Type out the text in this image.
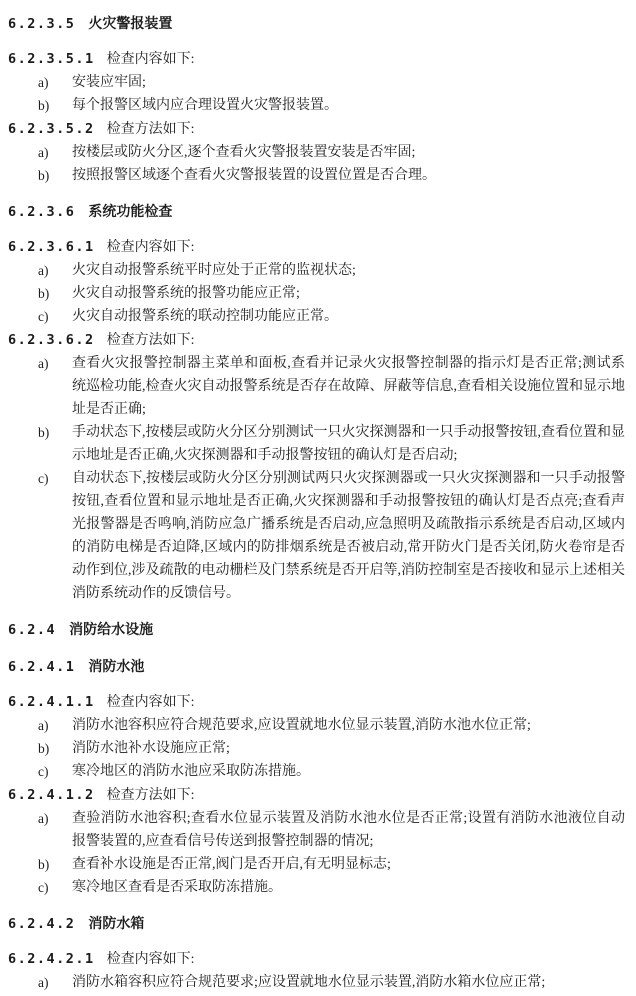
6.2.3.5 火灾警报装置
6.2.3.5.1 检查内容如下:
a)	安装应牢固;
b)	每个报警区域内应合理设置火灾警报装置。
6.2.3.5.2 检查方法如下:
a)	按楼层或防火分区,逐个查看火灾警报装置安装是否牢固;
b)	按照报警区域逐个查看火灾警报装置的设置位置是否合理。
6.2.3.6 系统功能检查
6.2.3.6.1 检查内容如下:
a)	火灾自动报警系统平时应处于正常的监视状态;
b)	火灾自动报警系统的报警功能应正常;
c)	火灾自动报警系统的联动控制功能应正常。
6.2.3.6.2 检查方法如下:
a)	查看火灾报警控制器主菜单和面板,查看并记录火灾报警控制器的指示灯是否正常;测试系统巡检功能,检查火灾自动报警系统是否存在故障、屏蔽等信息,查看相关设施位置和显示地址是否正确;
b)	手动状态下,按楼层或防火分区分别测试一只火灾探测器和一只手动报警按钮,查看位置和显示地址是否正确,火灾探测器和手动报警按钮的确认灯是否启动;
c)	自动状态下,按楼层或防火分区分别测试两只火灾探测器或一只火灾探测器和一只手动报警按钮,查看位置和显示地址是否正确,火灾探测器和手动报警按钮的确认灯是否点亮;查看声光报警器是否鸣响,消防应急广播系统是否启动,应急照明及疏散指示系统是否启动,区域内的消防电梯是否迫降,区域内的防排烟系统是否被启动,常开防火门是否关闭,防火卷帘是否动作到位,涉及疏散的电动栅栏及门禁系统是否开启等,消防控制室是否接收和显示上述相关消防系统动作的反馈信号。
6.2.4 消防给水设施
6.2.4.1 消防水池
6.2.4.1.1 检查内容如下:
a)	消防水池容积应符合规范要求,应设置就地水位显示装置,消防水池水位正常;
b)	消防水池补水设施应正常;
c)	寒冷地区的消防水池应采取防冻措施。
6.2.4.1.2 检查方法如下:
a)	查验消防水池容积;查看水位显示装置及消防水池水位是否正常;设置有消防水池液位自动报警装置的,应查看信号传送到报警控制器的情况;
b)	查看补水设施是否正常,阀门是否开启,有无明显标志;
c)	寒冷地区查看是否采取防冻措施。
6.2.4.2 消防水箱
6.2.4.2.1 检查内容如下:
a)	消防水箱容积应符合规范要求;应设置就地水位显示装置,消防水箱水位应正常;
